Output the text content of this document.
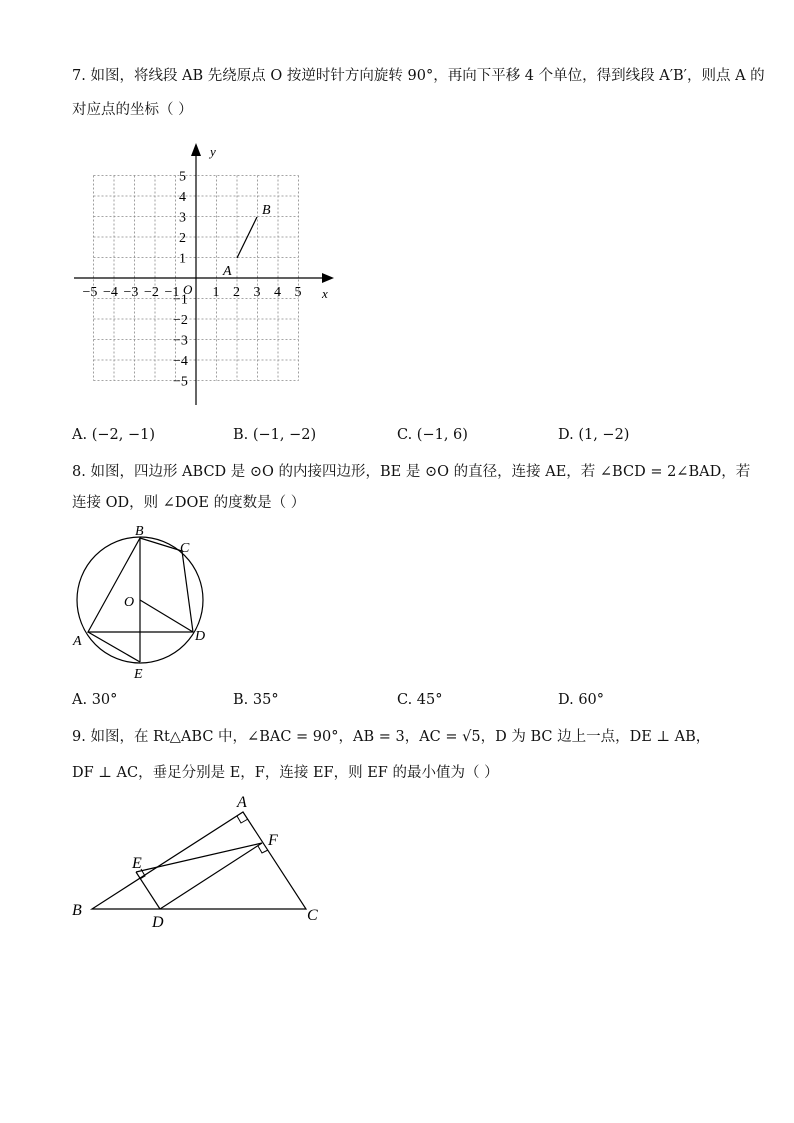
7. 如图，将线段 AB 先绕原点 O 按逆时针方向旋转 90°，再向下平移 4 个单位，得到线段 A′B′，则点 A 的
对应点的坐标（ ）
y
x
O
−5 −4 −3 −2 −1 1 2 3 4 5
5
4
3
2
1
−1
−2
−3
−4
−5
A
B
A. (−2, −1)	B. (−1, −2)	C. (−1, 6)	D. (1, −2)
8. 如图，四边形 ABCD 是 ⊙O 的内接四边形，BE 是 ⊙O 的直径，连接 AE，若 ∠BCD = 2∠BAD，若
连接 OD，则 ∠DOE 的度数是（ ）
B
C
O
A	D
E
A. 30°	B. 35°	C. 45°	D. 60°
9. 如图，在 Rt△ABC 中，∠BAC = 90°，AB = 3，AC = √5，D 为 BC 边上一点，DE ⊥ AB，
DF ⊥ AC，垂足分别是 E，F，连接 EF，则 EF 的最小值为（ ）
A
F
E
B
D	C
